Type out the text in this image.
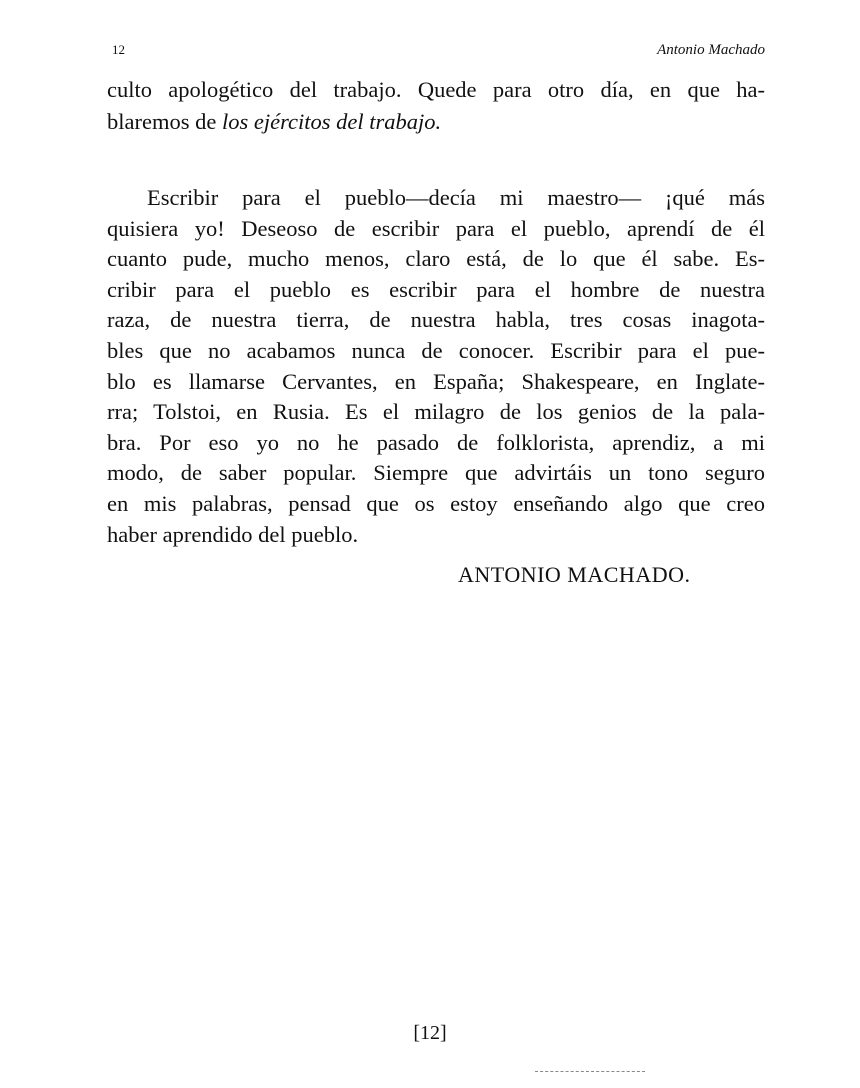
12	Antonio Machado
culto apologético del trabajo. Quede para otro día, en que ha-
blaremos de los ejércitos del trabajo.
Escribir para el pueblo—decía mi maestro— ¡qué más
quisiera yo! Deseoso de escribir para el pueblo, aprendí de él
cuanto pude, mucho menos, claro está, de lo que él sabe. Es-
cribir para el pueblo es escribir para el hombre de nuestra
raza, de nuestra tierra, de nuestra habla, tres cosas inagota-
bles que no acabamos nunca de conocer. Escribir para el pue-
blo es llamarse Cervantes, en España; Shakespeare, en Inglate-
rra; Tolstoi, en Rusia. Es el milagro de los genios de la pala-
bra. Por eso yo no he pasado de folklorista, aprendiz, a mi
modo, de saber popular. Siempre que advirtáis un tono seguro
en mis palabras, pensad que os estoy enseñando algo que creo
haber aprendido del pueblo.
ANTONIO MACHADO.
[12]
